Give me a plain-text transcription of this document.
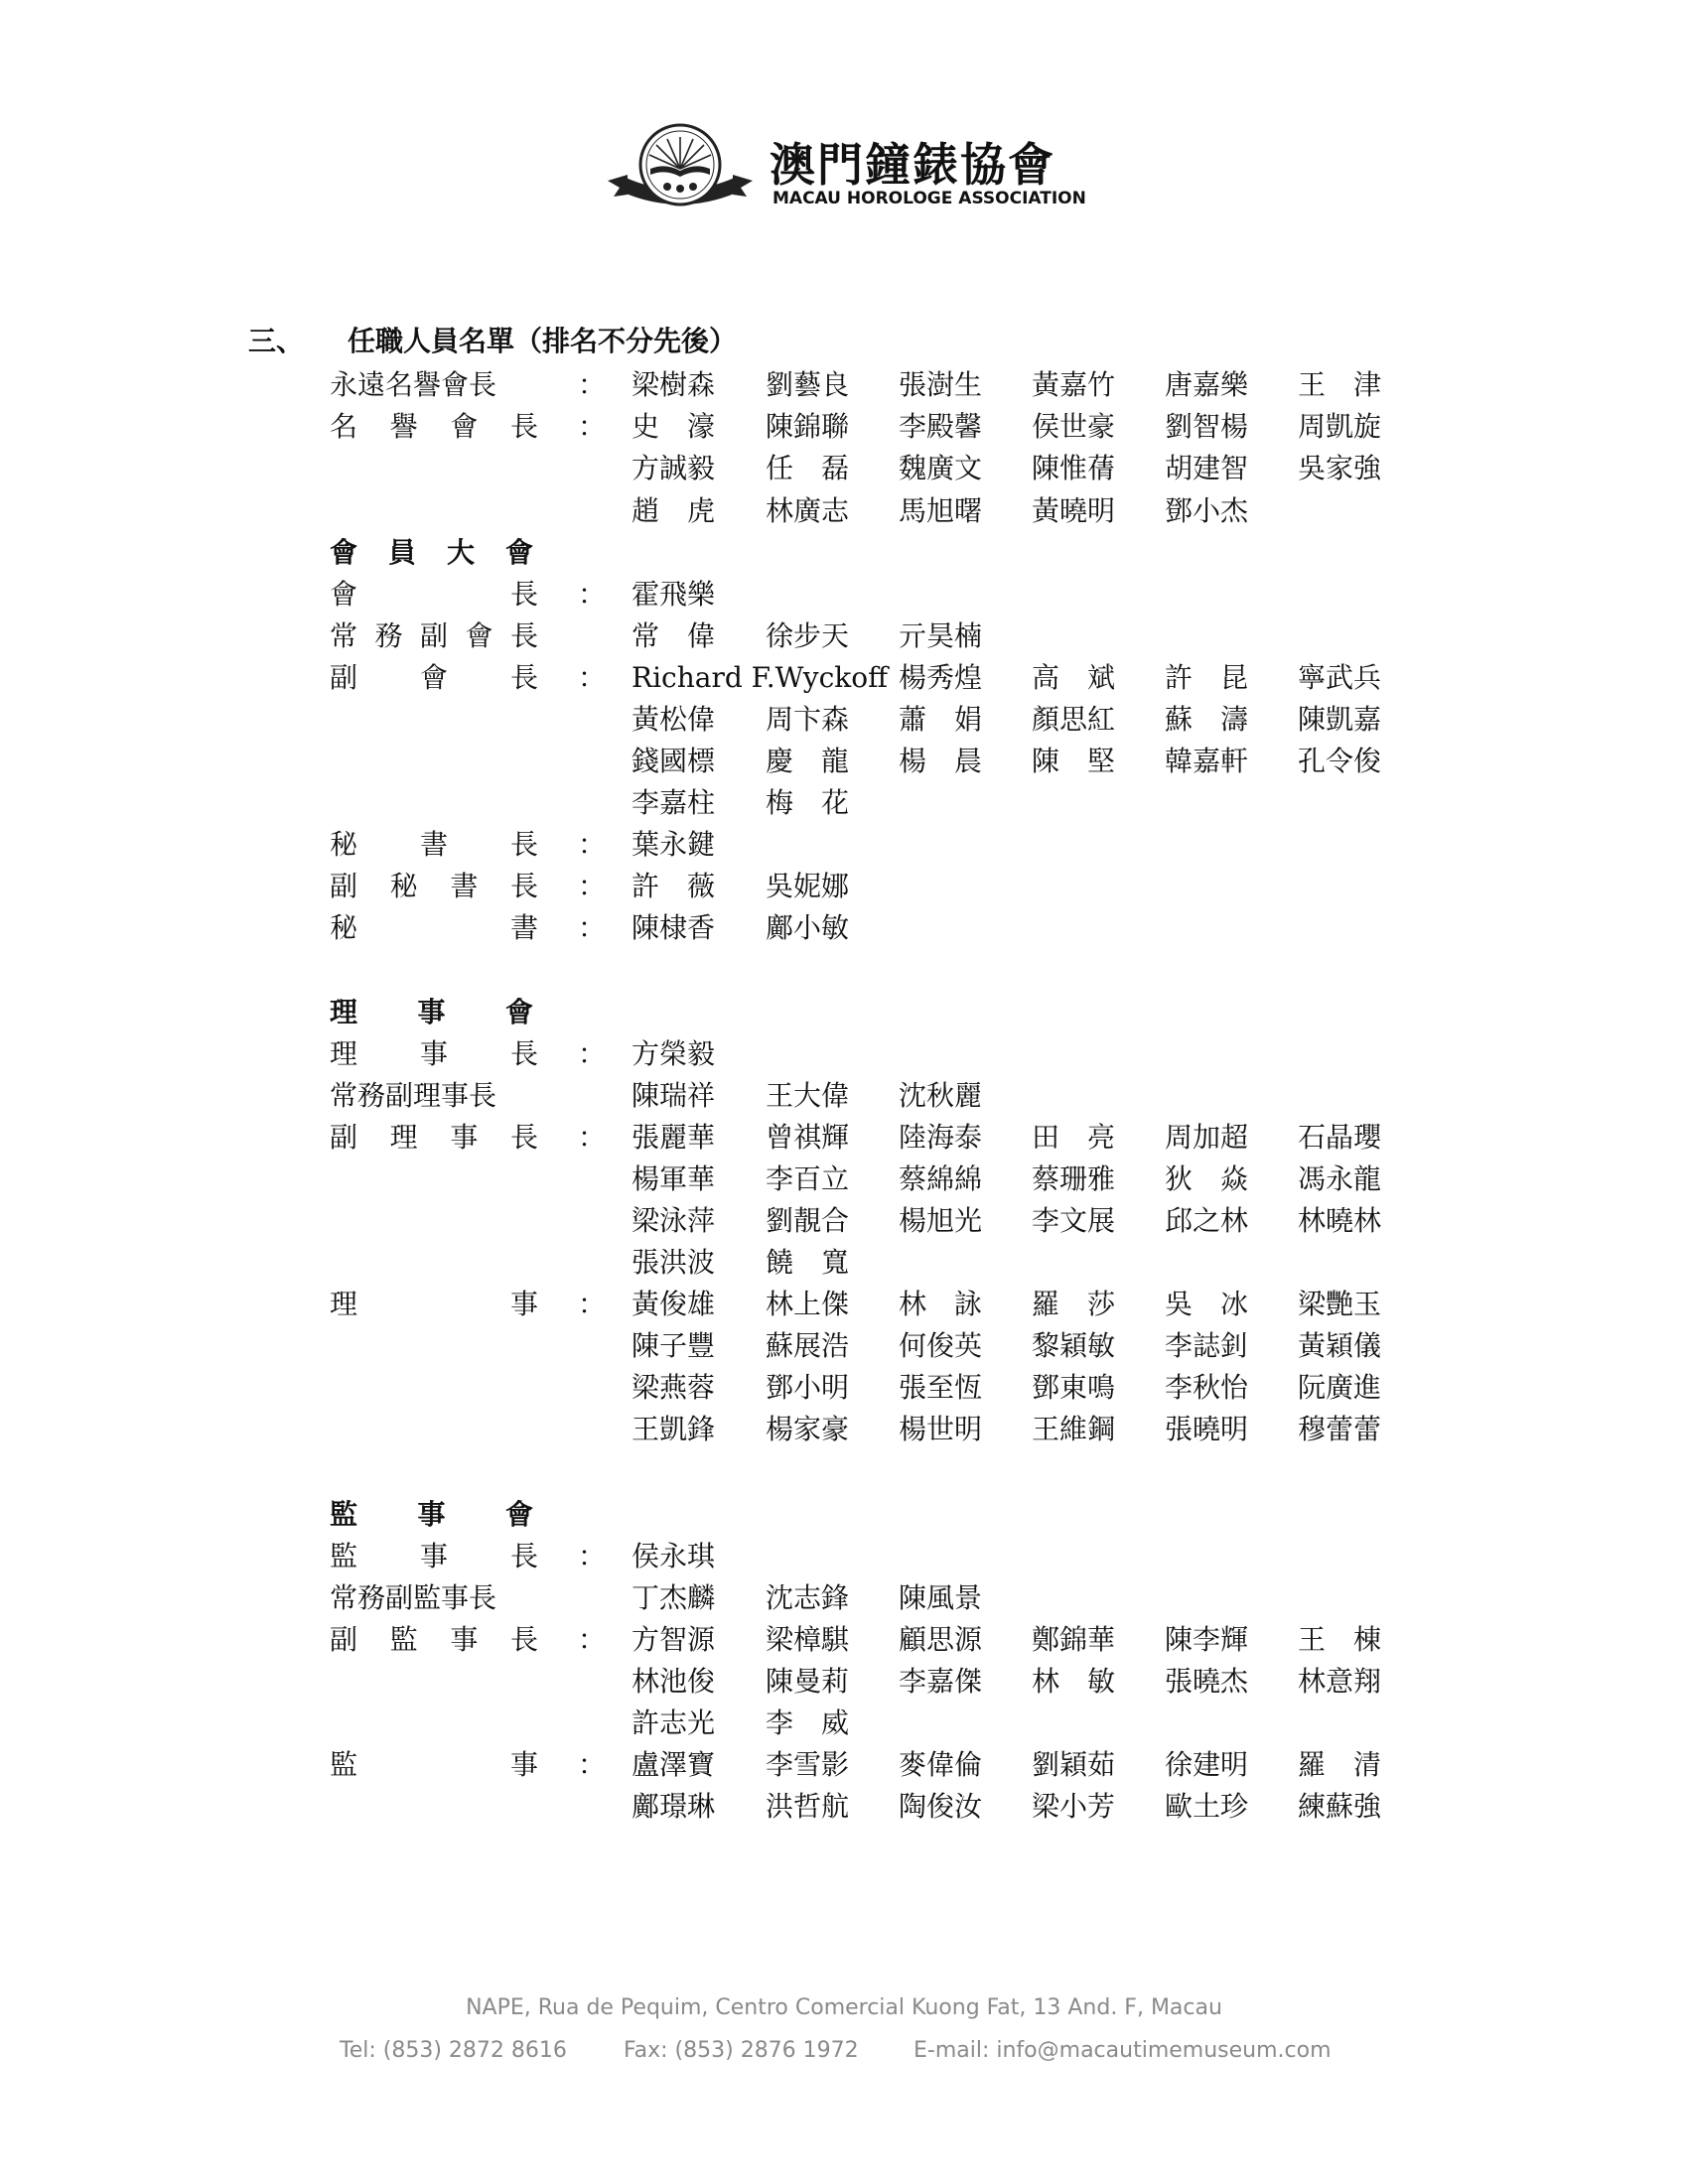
澳門鐘錶協會
MACAU HOROLOGE ASSOCIATION
三、 任職人員名單（排名不分先後）
永遠名譽會長	： 梁樹森 劉藝良 張澍生 黃嘉竹 唐嘉樂 王　津
名 譽 會 長 ： 史　濠 陳錦聯 李殿馨 侯世豪 劉智楊 周凱旋
方誠毅 任　磊 魏廣文 陳惟蒨 胡建智 吳家強
趙　虎 林廣志 馬旭曙 黃曉明 鄧小杰
會 員 大 會
會	長 ： 霍飛樂
常 務 副 會 長	常　偉 徐步天 亓昊楠
副 會 長 ： Richard F.Wyckoff 楊秀煌 高　斌 許　昆 寧武兵
黃松偉 周卞森 蕭　娟 顏思紅 蘇　濤 陳凱嘉
錢國標 慶　龍 楊　晨 陳　堅 韓嘉軒 孔令俊
李嘉柱 梅　花
秘 書 長 ： 葉永鍵
副 秘 書 長 ： 許　薇 吳妮娜
秘	書 ： 陳棣香 鄺小敏
理 事 會
理 事 長 ： 方榮毅
常務副理事長	陳瑞祥 王大偉 沈秋麗
副 理 事 長 ： 張麗華 曾祺輝 陸海泰 田　亮 周加超 石晶瓔
楊軍華 李百立 蔡綿綿 蔡珊雅 狄　焱 馮永龍
梁泳萍 劉靚合 楊旭光 李文展 邱之林 林曉林
張洪波 饒　寬
理	事 ： 黃俊雄 林上傑 林　詠 羅　莎 吳　冰 梁艷玉
陳子豐 蘇展浩 何俊英 黎穎敏 李誌釗 黃穎儀
梁燕蓉 鄧小明 張至恆 鄧東鳴 李秋怡 阮廣進
王凱鋒 楊家豪 楊世明 王維鋼 張曉明 穆蕾蕾
監 事 會
監 事 長 ： 侯永琪
常務副監事長	丁杰麟 沈志鋒 陳風景
副 監 事 長 ： 方智源 梁樟騏 顧思源 鄭錦華 陳李輝 王　棟
林池俊 陳曼莉 李嘉傑 林　敏 張曉杰 林意翔
許志光 李　威
監	事 ： 盧澤寶 李雪影 麥偉倫 劉穎茹 徐建明 羅　清
鄺璟琳 洪哲航 陶俊汝 梁小芳 歐土珍 練蘇強
NAPE, Rua de Pequim, Centro Comercial Kuong Fat, 13 And. F, Macau
Tel: (853) 2872 8616	Fax: (853) 2876 1972	E-mail: info@macautimemuseum.com
